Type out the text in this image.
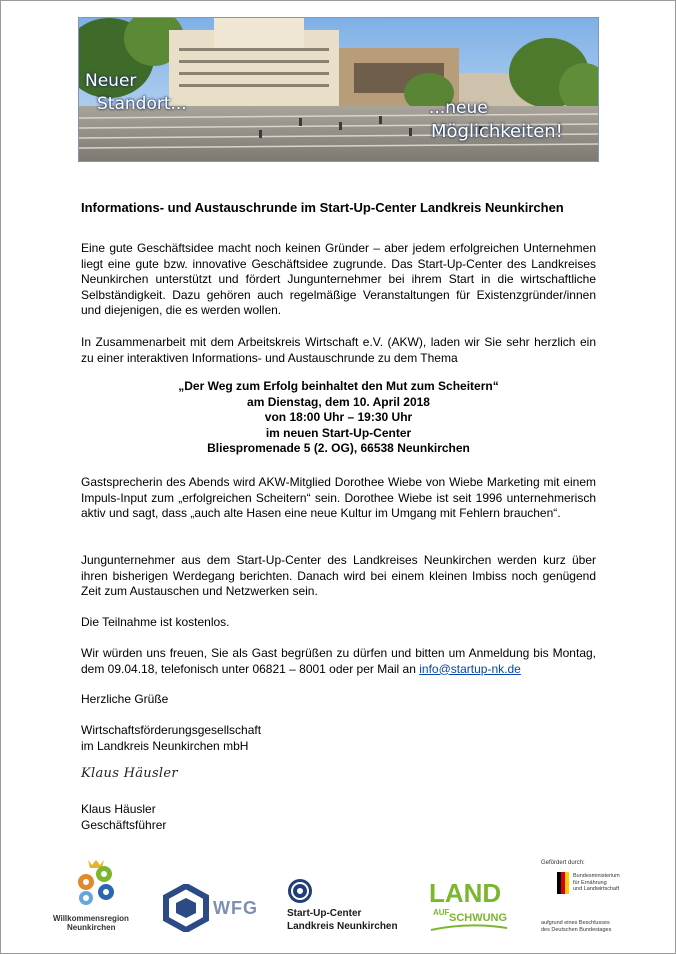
Neuer
Standort...	...neue
Möglichkeiten!
Informations- und Austauschrunde im Start-Up-Center Landkreis Neunkirchen
Eine gute Geschäftsidee macht noch keinen Gründer – aber jedem erfolgreichen Unternehmen liegt eine gute bzw. innovative Geschäftsidee zugrunde. Das Start-Up-Center des Landkreises Neunkirchen unterstützt und fördert Jungunternehmer bei ihrem Start in die wirtschaftliche Selbständigkeit. Dazu gehören auch regelmäßige Veranstaltungen für Existenzgründer/innen und diejenigen, die es werden wollen.
In Zusammenarbeit mit dem Arbeitskreis Wirtschaft e.V. (AKW), laden wir Sie sehr herzlich ein zu einer interaktiven Informations- und Austauschrunde zu dem Thema
„Der Weg zum Erfolg beinhaltet den Mut zum Scheitern“
am Dienstag, dem 10. April 2018
von 18:00 Uhr – 19:30 Uhr
im neuen Start-Up-Center
Bliespromenade 5 (2. OG), 66538 Neunkirchen
Gastsprecherin des Abends wird AKW-Mitglied Dorothee Wiebe von Wiebe Marketing mit einem Impuls-Input zum „erfolgreichen Scheitern“ sein. Dorothee Wiebe ist seit 1996 unternehmerisch aktiv und sagt, dass „auch alte Hasen eine neue Kultur im Umgang mit Fehlern brauchen“.
Jungunternehmer aus dem Start-Up-Center des Landkreises Neunkirchen werden kurz über ihren bisherigen Werdegang berichten. Danach wird bei einem kleinen Imbiss noch genügend Zeit zum Austauschen und Netzwerken sein.
Die Teilnahme ist kostenlos.
Wir würden uns freuen, Sie als Gast begrüßen zu dürfen und bitten um Anmeldung bis Montag, dem 09.04.18, telefonisch unter 06821 – 8001 oder per Mail an info@startup-nk.de
Herzliche Grüße
Wirtschaftsförderungsgesellschaft
im Landkreis Neunkirchen mbH
Klaus Häusler
Klaus Häusler
Geschäftsführer
Willkommensregion
Neunkirchen
WFG	Start-Up-Center
Landkreis Neunkirchen
LAND
AUF SCHWUNG
Gefördert durch:
Bundesministerium
für Ernährung
und Landwirtschaft
aufgrund eines Beschlusses
des Deutschen Bundestages
